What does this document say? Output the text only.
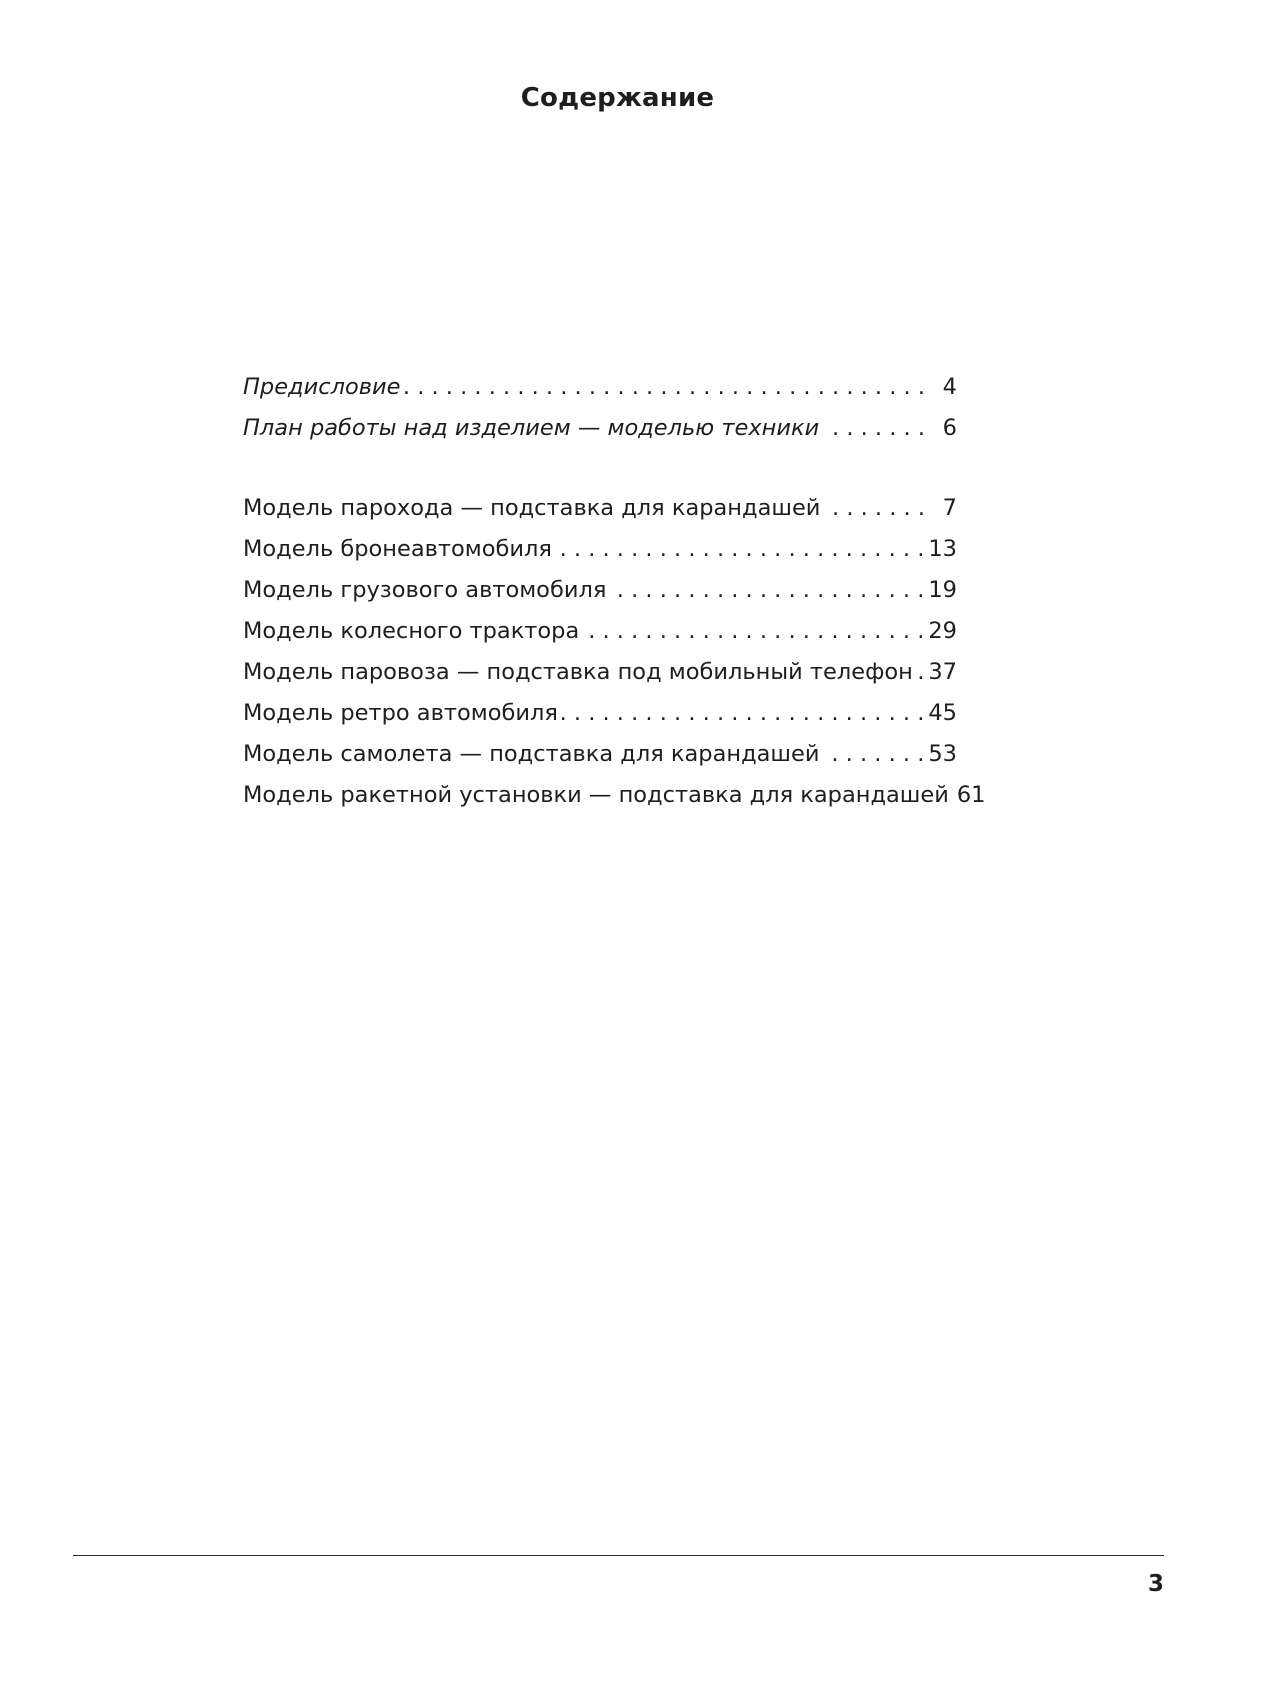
Содержание
Предисловие . . .	4
План работы над изделием — моделью техники . . .	6
Модель парохода — подставка для карандашей . . .	7
Модель бронеавтомобиля . . .	13
Модель грузового автомобиля . . .	19
Модель колесного трактора . . .	29
Модель паровоза — подставка под мобильный телефон . . . 37
Модель ретро автомобиля . . .	45
Модель самолета — подставка для карандашей . . .	53
Модель ракетной установки — подставка для карандашей 61
3
